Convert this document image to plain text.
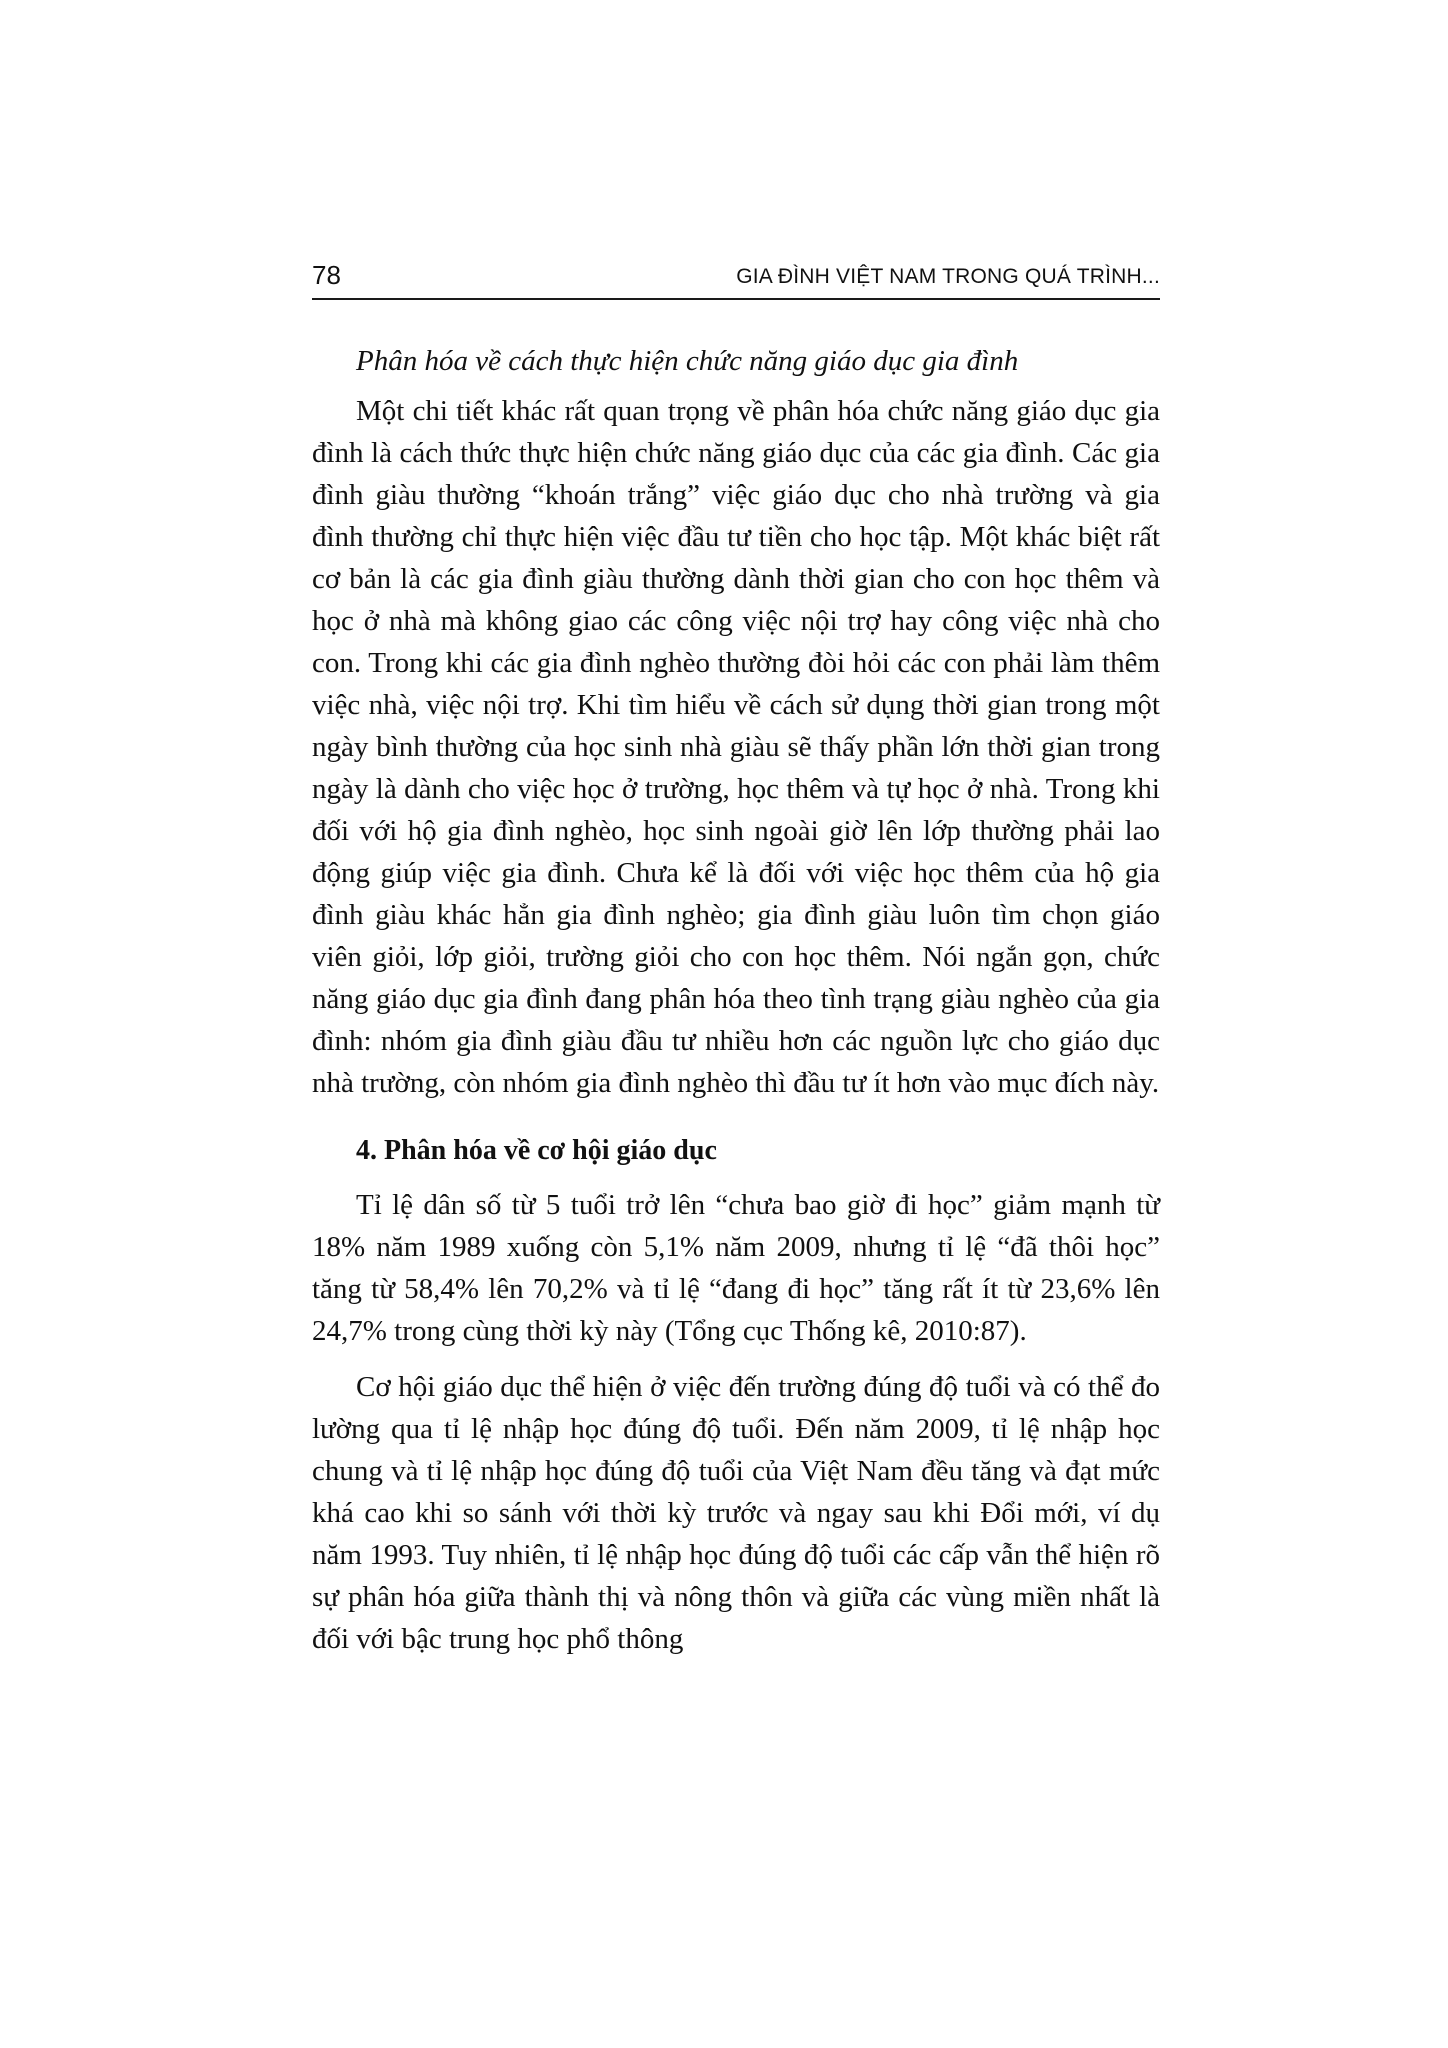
78	GIA ĐÌNH VIỆT NAM TRONG QUÁ TRÌNH...
Phân hóa về cách thực hiện chức năng giáo dục gia đình

Một chi tiết khác rất quan trọng về phân hóa chức năng giáo dục gia đình là cách thức thực hiện chức năng giáo dục của các gia đình. Các gia đình giàu thường “khoán trắng” việc giáo dục cho nhà trường và gia đình thường chỉ thực hiện việc đầu tư tiền cho học tập. Một khác biệt rất cơ bản là các gia đình giàu thường dành thời gian cho con học thêm và học ở nhà mà không giao các công việc nội trợ hay công việc nhà cho con. Trong khi các gia đình nghèo thường đòi hỏi các con phải làm thêm việc nhà, việc nội trợ. Khi tìm hiểu về cách sử dụng thời gian trong một ngày bình thường của học sinh nhà giàu sẽ thấy phần lớn thời gian trong ngày là dành cho việc học ở trường, học thêm và tự học ở nhà. Trong khi đối với hộ gia đình nghèo, học sinh ngoài giờ lên lớp thường phải lao động giúp việc gia đình. Chưa kể là đối với việc học thêm của hộ gia đình giàu khác hẳn gia đình nghèo; gia đình giàu luôn tìm chọn giáo viên giỏi, lớp giỏi, trường giỏi cho con học thêm. Nói ngắn gọn, chức năng giáo dục gia đình đang phân hóa theo tình trạng giàu nghèo của gia đình: nhóm gia đình giàu đầu tư nhiều hơn các nguồn lực cho giáo dục nhà trường, còn nhóm gia đình nghèo thì đầu tư ít hơn vào mục đích này.

4. Phân hóa về cơ hội giáo dục

Tỉ lệ dân số từ 5 tuổi trở lên “chưa bao giờ đi học” giảm mạnh từ 18% năm 1989 xuống còn 5,1% năm 2009, nhưng tỉ lệ “đã thôi học” tăng từ 58,4% lên 70,2% và tỉ lệ “đang đi học” tăng rất ít từ 23,6% lên 24,7% trong cùng thời kỳ này (Tổng cục Thống kê, 2010:87).

Cơ hội giáo dục thể hiện ở việc đến trường đúng độ tuổi và có thể đo lường qua tỉ lệ nhập học đúng độ tuổi. Đến năm 2009, tỉ lệ nhập học chung và tỉ lệ nhập học đúng độ tuổi của Việt Nam đều tăng và đạt mức khá cao khi so sánh với thời kỳ trước và ngay sau khi Đổi mới, ví dụ năm 1993. Tuy nhiên, tỉ lệ nhập học đúng độ tuổi các cấp vẫn thể hiện rõ sự phân hóa giữa thành thị và nông thôn và giữa các vùng miền nhất là đối với bậc trung học phổ thông
